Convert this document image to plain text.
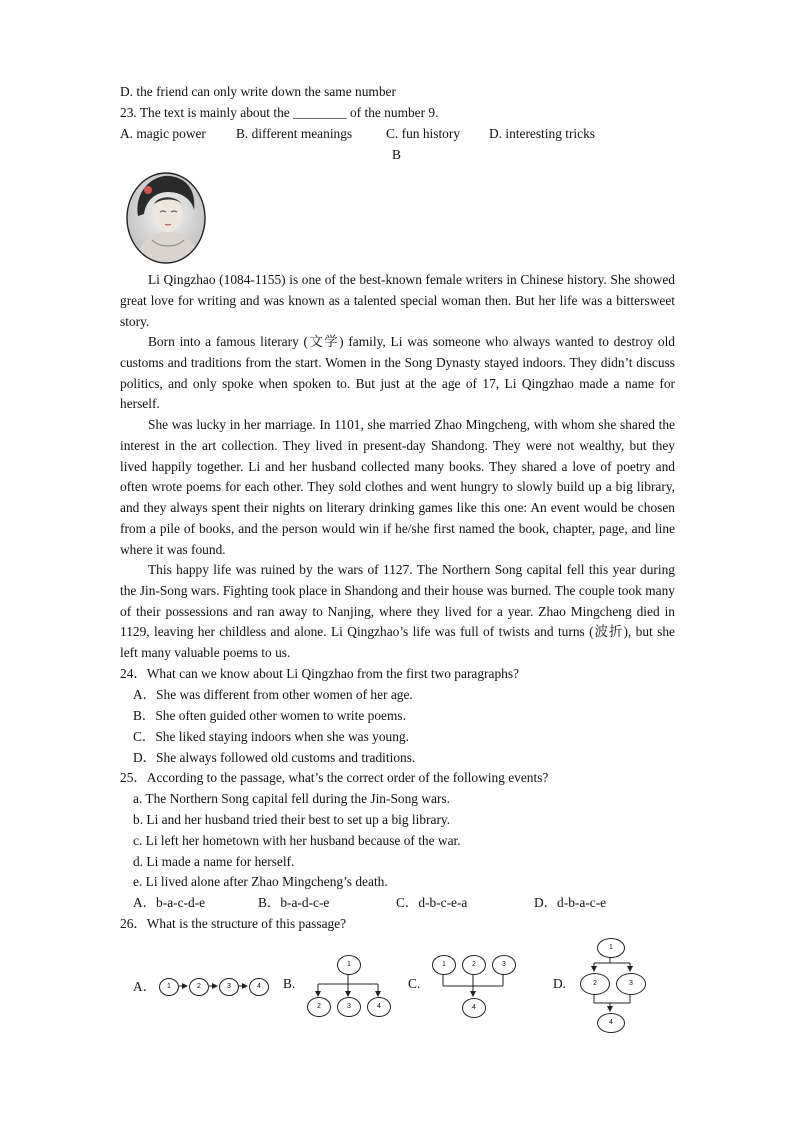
D. the friend can only write down the same number
23. The text is mainly about the ________ of the number 9.
A. magic power B. different meanings	C. fun history D. interesting tricks
B

Li Qingzhao (1084-1155) is one of the best-known female writers in Chinese history. She showed great love for writing and was known as a talented special woman then. But her life was a bittersweet story.

Born into a famous literary (文学) family, Li was someone who always wanted to destroy old customs and traditions from the start. Women in the Song Dynasty stayed indoors. They didn’t discuss politics, and only spoke when spoken to. But just at the age of 17, Li Qingzhao made a name for herself.

She was lucky in her marriage. In 1101, she married Zhao Mingcheng, with whom she shared the interest in the art collection. They lived in present-day Shandong. They were not wealthy, but they lived happily together. Li and her husband collected many books. They shared a love of poetry and often wrote poems for each other. They sold clothes and went hungry to slowly build up a big library, and they always spent their nights on literary drinking games like this one: An event would be chosen from a pile of books, and the person would win if he/she first named the book, chapter, page, and line where it was found.

This happy life was ruined by the wars of 1127. The Northern Song capital fell this year during the Jin-Song wars. Fighting took place in Shandong and their house was burned. The couple took many of their possessions and ran away to Nanjing, where they lived for a year. Zhao Mingcheng died in 1129, leaving her childless and alone. Li Qingzhao’s life was full of twists and turns (波折), but she left many valuable poems to us.

24．What can we know about Li Qingzhao from the first two paragraphs?
A．She was different from other women of her age.
B．She often guided other women to write poems.
C．She liked staying indoors when she was young.
D．She always followed old customs and traditions.
25．According to the passage, what’s the correct order of the following events?
a. The Northern Song capital fell during the Jin-Song wars.
b. Li and her husband tried their best to set up a big library.
c. Li left her hometown with her husband because of the war.
d. Li made a name for herself.
e. Li lived alone after Zhao Mingcheng’s death.
A．b-a-c-d-e	B．b-a-d-c-e	C．d-b-c-e-a	D．d-b-a-c-e
26．What is the structure of this passage?
A．	B.	C.	D.
1	2	3	4
1
2	3	4
1	2	3
4
1
2	3
4
